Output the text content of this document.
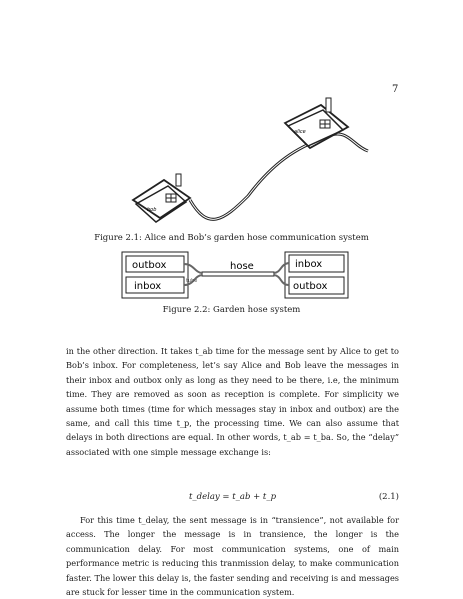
7
bob
alice
Figure 2.1: Alice and Bob’s garden hose communication system
outbox
inbox
inbox
outbox
hose
tube
Figure 2.2: Garden hose system

in the other direction. It takes t_ab time for the message sent by Alice to get to Bob’s inbox. For completeness, let’s say Alice and Bob leave the messages in their inbox and outbox only as long as they need to be there, i.e, the minimum time. They are removed as soon as reception is complete. For simplicity we assume both times (time for which messages stay in inbox and outbox) are the same, and call this time t_p, the processing time. We can also assume that delays in both directions are equal. In other words, t_ab = t_ba. So, the “delay” associated with one simple message exchange is:

t_delay = t_ab + t_p	(2.1)

For this time t_delay, the sent message is in “transience”, not available for access. The longer the message is in transience, the longer is the communication delay. For most communication systems, one of main performance metric is reducing this tranmission delay, to make communication faster. The lower this delay is, the faster sending and receiving is and messages are stuck for lesser time in the communication system.
